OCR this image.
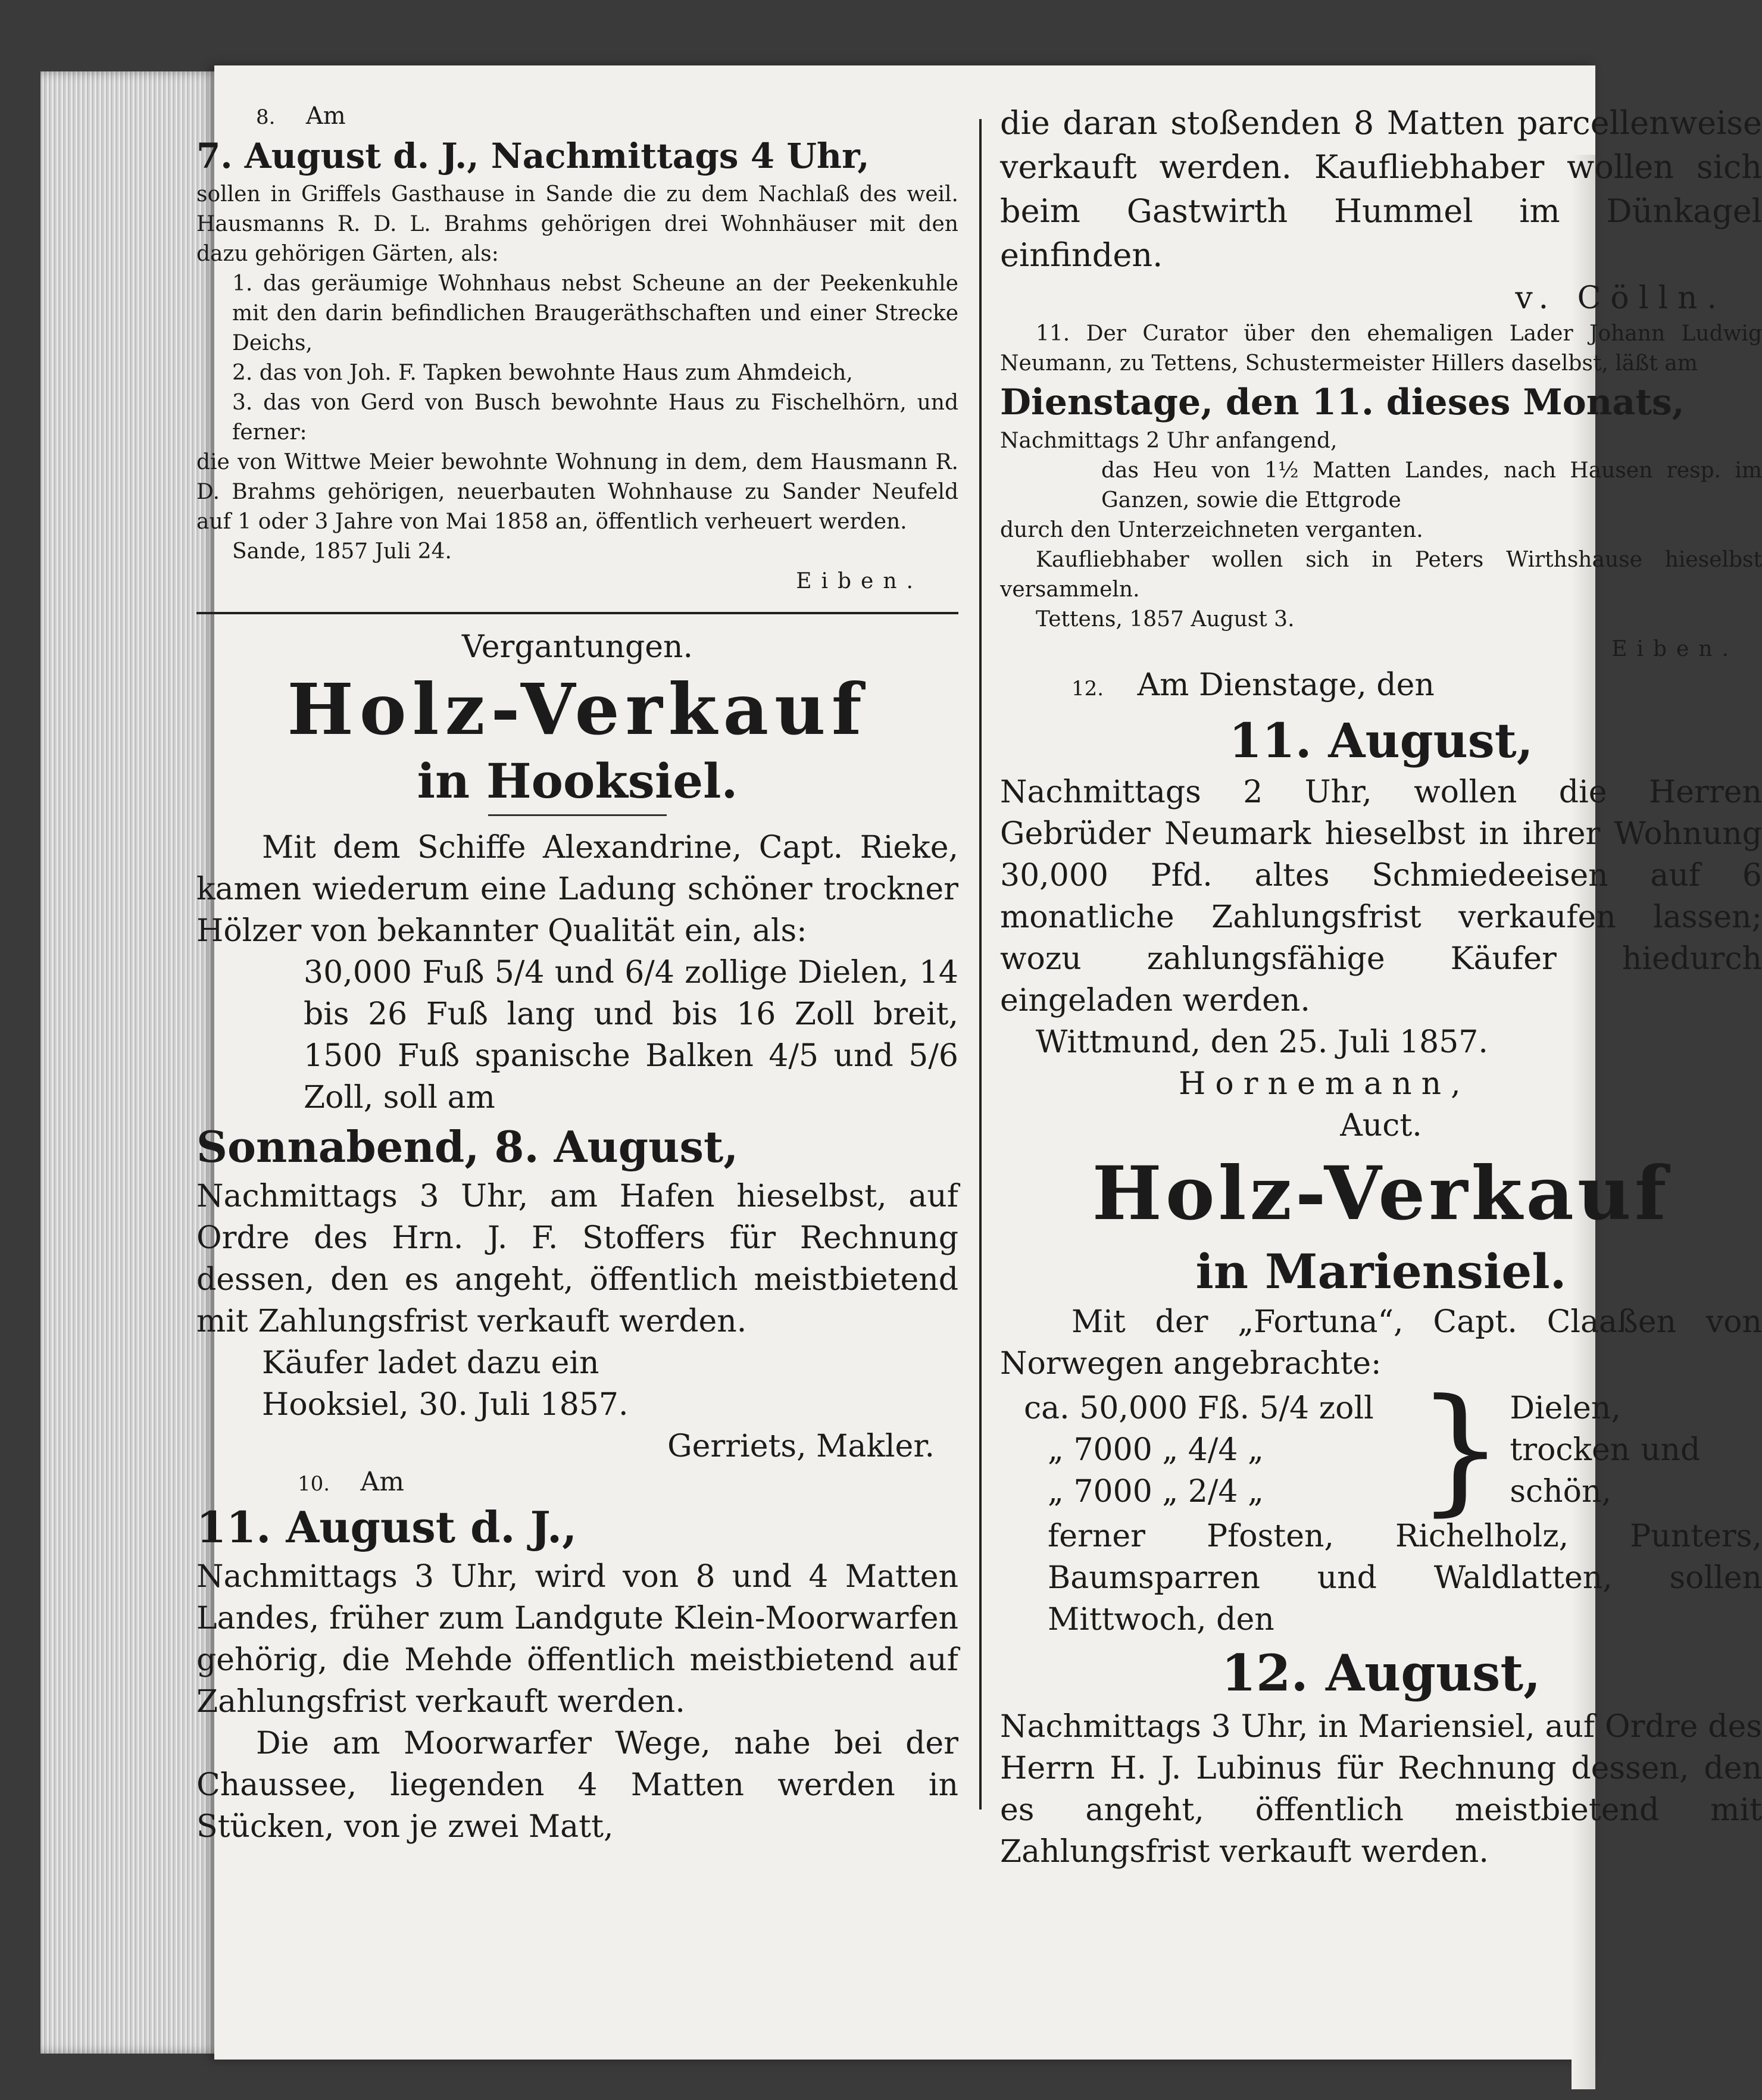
8. Am

7. August d. J., Nachmittags 4 Uhr,

sollen in Griffels Gasthause in Sande die zu dem Nachlaß des weil. Hausmanns R. D. L. Brahms gehörigen drei Wohnhäuser mit den dazu gehörigen Gärten, als:

1. das geräumige Wohnhaus nebst Scheune an der Peekenkuhle mit den darin befindlichen Braugeräthschaften und einer Strecke Deichs,

2. das von Joh. F. Tapken bewohnte Haus zum Ahmdeich,

3. das von Gerd von Busch bewohnte Haus zu Fischelhörn, und ferner:

die von Wittwe Meier bewohnte Wohnung in dem, dem Hausmann R. D. Brahms gehörigen, neuerbauten Wohnhause zu Sander Neufeld auf 1 oder 3 Jahre von Mai 1858 an, öffentlich verheuert werden.

Sande, 1857 Juli 24.

Eiben.

Vergantungen.

Holz-Verkauf

in Hooksiel.

Mit dem Schiffe Alexandrine, Capt. Rieke, kamen wiederum eine Ladung schöner trockner Hölzer von bekannter Qualität ein, als:

30,000 Fuß 5/4 und 6/4 zollige Dielen, 14 bis 26 Fuß lang und bis 16 Zoll breit, 1500 Fuß spanische Balken 4/5 und 5/6 Zoll, soll am

Sonnabend, 8. August,

Nachmittags 3 Uhr, am Hafen hieselbst, auf Ordre des Hrn. J. F. Stoffers für Rechnung dessen, den es angeht, öffentlich meistbietend mit Zahlungsfrist verkauft werden.

Käufer ladet dazu ein

Hooksiel, 30. Juli 1857.

Gerriets, Makler.

10. Am

11. August d. J.,

Nachmittags 3 Uhr, wird von 8 und 4 Matten Landes, früher zum Landgute Klein-Moorwarfen gehörig, die Mehde öffentlich meistbietend auf Zahlungsfrist verkauft werden.

Die am Moorwarfer Wege, nahe bei der Chaussee, liegenden 4 Matten werden in Stücken, von je zwei Matt,

die daran stoßenden 8 Matten parcellenweise verkauft werden. Kaufliebhaber wollen sich beim Gastwirth Hummel im Dünkagel einfinden.

v. Cölln.

11. Der Curator über den ehemaligen Lader Johann Ludwig Neumann, zu Tettens, Schustermeister Hillers daselbst, läßt am

Dienstage, den 11. dieses Monats,

Nachmittags 2 Uhr anfangend,

das Heu von 1½ Matten Landes, nach Hausen resp. im Ganzen, sowie die Ettgrode

durch den Unterzeichneten verganten.

Kaufliebhaber wollen sich in Peters Wirthshause hieselbst versammeln.

Tettens, 1857 August 3.

Eiben.

12. Am Dienstage, den

11. August,

Nachmittags 2 Uhr, wollen die Herren Gebrüder Neumark hieselbst in ihrer Wohnung 30,000 Pfd. altes Schmiedeeisen auf 6 monatliche Zahlungsfrist verkaufen lassen; wozu zahlungsfähige Käufer hiedurch eingeladen werden.

Wittmund, den 25. Juli 1857.

Hornemann,

Auct.

Holz-Verkauf

in Mariensiel.

Mit der „Fortuna“, Capt. Claaßen von Norwegen angebrachte:

ca. 50,000 Fß. 5/4 zoll

„ 7000 „ 4/4 „

„ 7000 „ 2/4 „	} Dielen, trocken und schön,

ferner Pfosten, Richelholz, Punters, Baumsparren und Waldlatten, sollen Mittwoch, den

12. August,

Nachmittags 3 Uhr, in Mariensiel, auf Ordre des Herrn H. J. Lubinus für Rechnung dessen, den es angeht, öffentlich meistbietend mit Zahlungsfrist verkauft werden.
